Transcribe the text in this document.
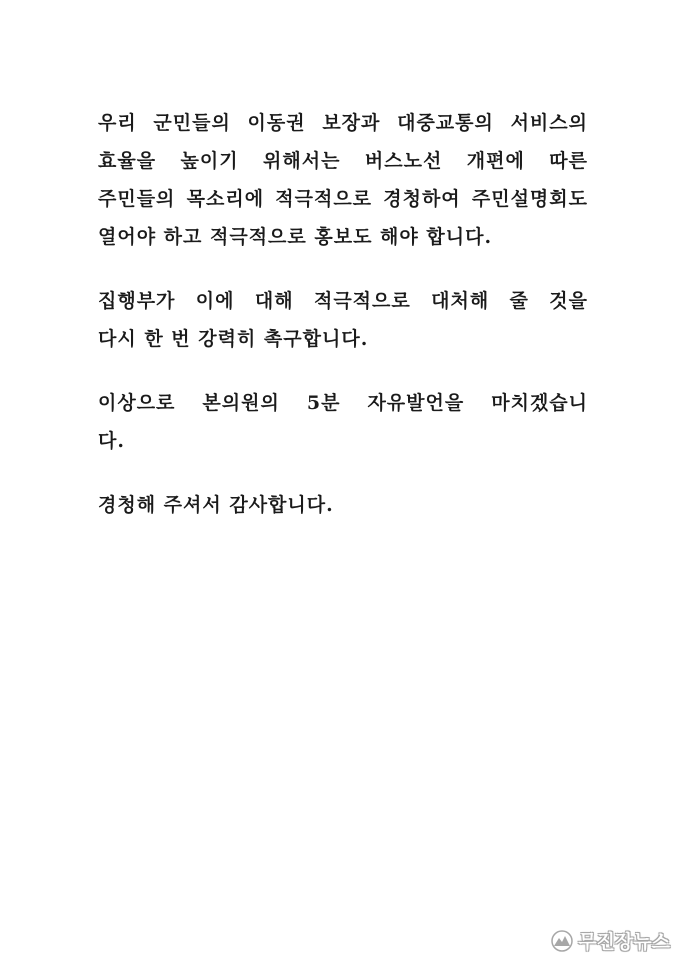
우리 군민들의 이동권 보장과 대중교통의 서비스의
효율을 높이기 위해서는 버스노선 개편에 따른
주민들의 목소리에 적극적으로 경청하여 주민설명회도
열어야 하고 적극적으로 홍보도 해야 합니다.
집행부가 이에 대해 적극적으로 대처해 줄 것을
다시 한 번 강력히 촉구합니다.
이상으로 본의원의 5분 자유발언을 마치겠습니
다.
경청해 주셔서 감사합니다.
무진장뉴스
